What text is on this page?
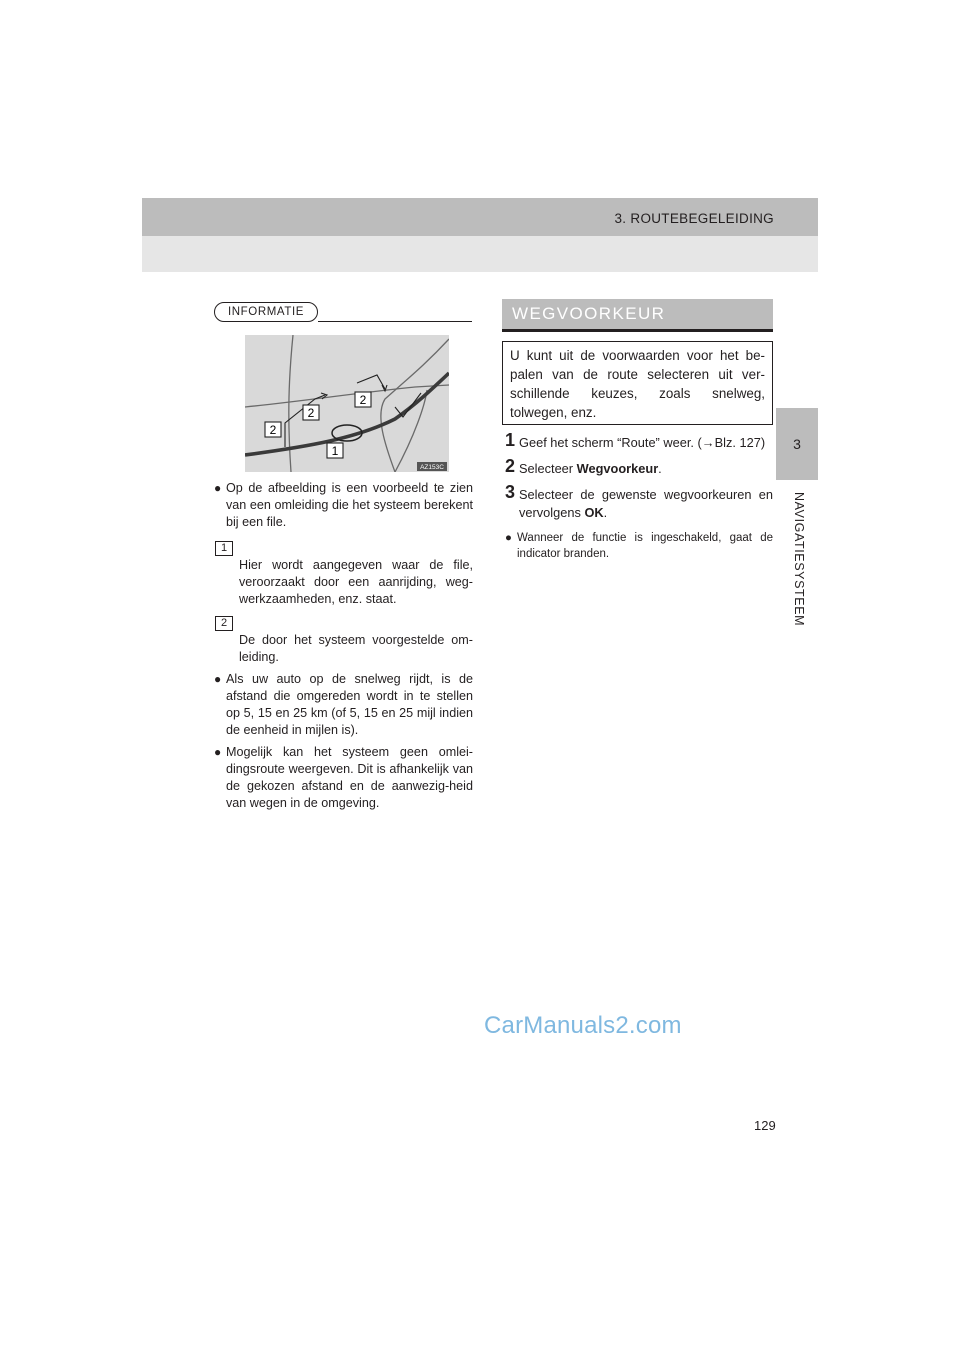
3. ROUTEBEGELEIDING
3
NAVIGATIESYSTEEM
INFORMATIE
1
2
2
2
AZ153C

● Op de afbeelding is een voorbeeld te zien van een omleiding die het systeem berekent bij een file.

1
Hier wordt aangegeven waar de file, veroorzaakt door een aanrijding, weg-werkzaamheden, enz. staat.

2
De door het systeem voorgestelde om-leiding.

● Als uw auto op de snelweg rijdt, is de afstand die omgereden wordt in te stellen op 5, 15 en 25 km (of 5, 15 en 25 mijl indien de eenheid in mijlen is).

● Mogelijk kan het systeem geen omlei-dingsroute weergeven. Dit is afhankelijk van de gekozen afstand en de aanwezig-heid van wegen in de omgeving.

WEGVOORKEUR
U kunt uit de voorwaarden voor het be-palen van de route selecteren uit ver-schillende keuzes, zoals snelweg, tolwegen, enz.
1 Geef het scherm “Route” weer. (→Blz. 127)
2 Selecteer Wegvoorkeur.
3 Selecteer de gewenste wegvoorkeuren en vervolgens OK.
● Wanneer de functie is ingeschakeld, gaat de indicator branden.
CarManuals2.com
129
